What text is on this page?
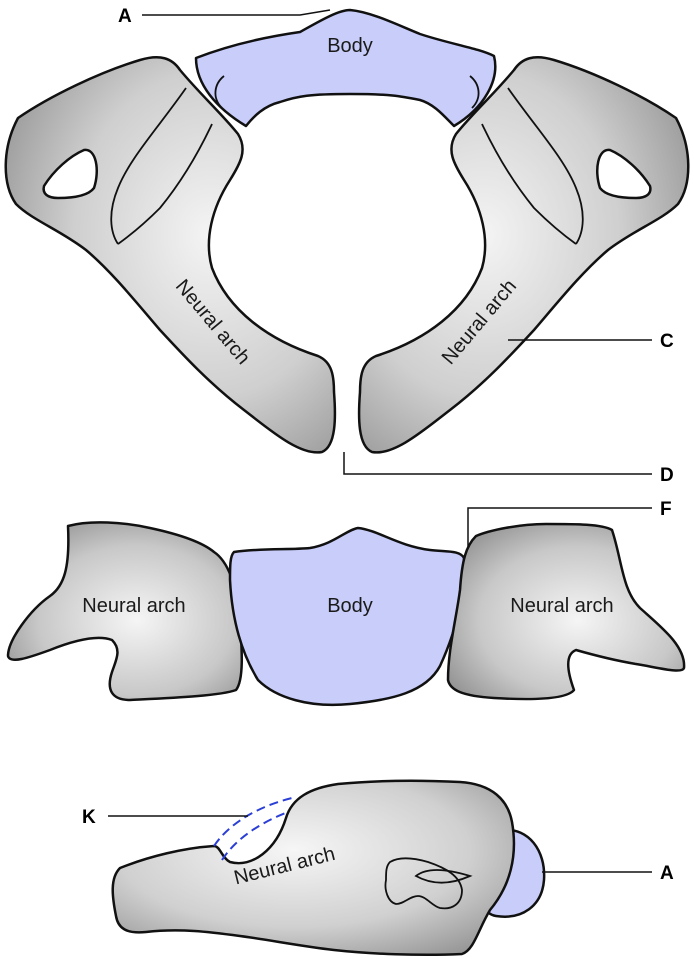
Body
Neural arch	Neural arch
Neural arch	Body	Neural arch
Neural arch
A
C
D
F
K
A
